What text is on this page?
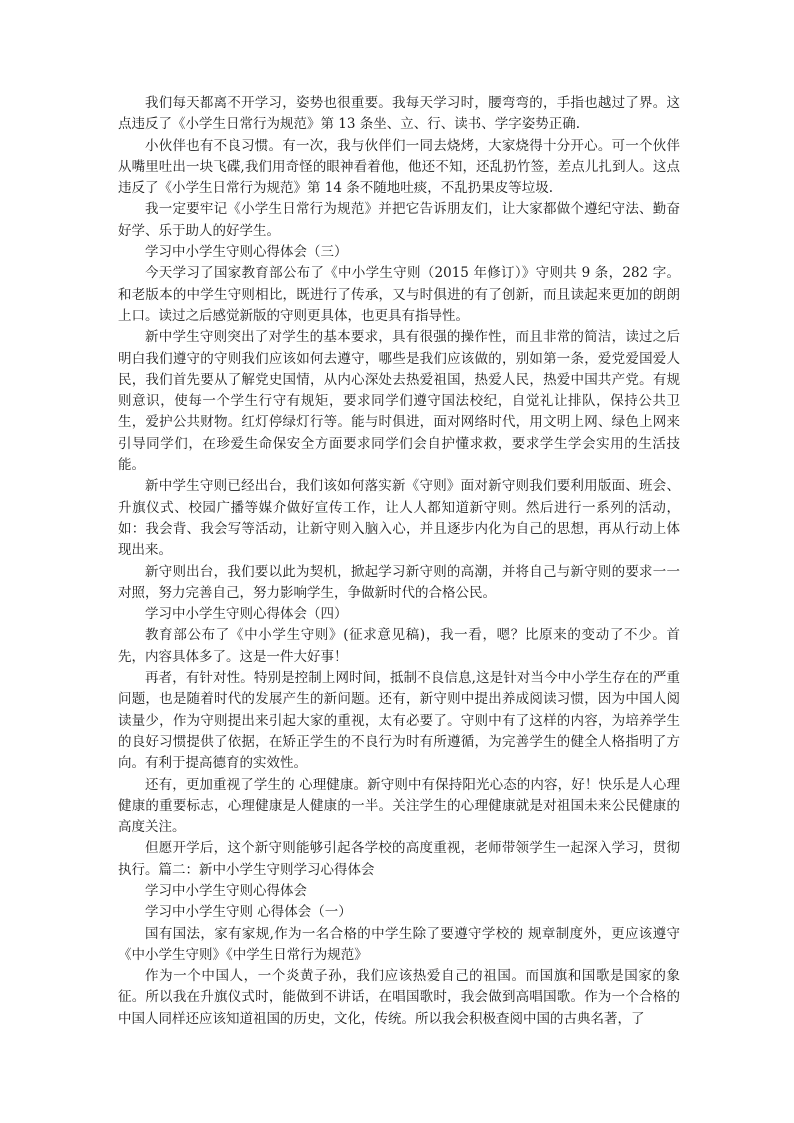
我们每天都离不开学习，姿势也很重要。我每天学习时，腰弯弯的，手指也越过了界。这点违反了《小学生日常行为规范》第 13 条坐、立、行、读书、学字姿势正确.

小伙伴也有不良习惯。有一次，我与伙伴们一同去烧烤，大家烧得十分开心。可一个伙伴从嘴里吐出一块飞碟,我们用奇怪的眼神看着他，他还不知，还乱扔竹签，差点儿扎到人。这点违反了《小学生日常行为规范》第 14 条不随地吐痰，不乱扔果皮等垃圾.

我一定要牢记《小学生日常行为规范》并把它告诉朋友们，让大家都做个遵纪守法、勤奋好学、乐于助人的好学生。

学习中小学生守则心得体会（三）

今天学习了国家教育部公布了《中小学生守则（2015 年修订）》守则共 9 条，282 字。和老版本的中学生守则相比，既进行了传承，又与时俱进的有了创新，而且读起来更加的朗朗上口。读过之后感觉新版的守则更具体，也更具有指导性。

新中学生守则突出了对学生的基本要求，具有很强的操作性，而且非常的简洁，读过之后明白我们遵守的守则我们应该如何去遵守，哪些是我们应该做的，别如第一条，爱党爱国爱人民，我们首先要从了解党史国情，从内心深处去热爱祖国，热爱人民，热爱中国共产党。有规则意识，使每一个学生行守有规矩，要求同学们遵守国法校纪，自觉礼让排队，保持公共卫生，爱护公共财物。红灯停绿灯行等。能与时俱进，面对网络时代，用文明上网、绿色上网来引导同学们，在珍爱生命保安全方面要求同学们会自护懂求救，要求学生学会实用的生活技能。

新中学生守则已经出台，我们该如何落实新《守则》面对新守则我们要利用版面、班会、升旗仪式、校园广播等媒介做好宣传工作，让人人都知道新守则。然后进行一系列的活动，如：我会背、我会写等活动，让新守则入脑入心，并且逐步内化为自己的思想，再从行动上体现出来。

新守则出台，我们要以此为契机，掀起学习新守则的高潮，并将自己与新守则的要求一一对照，努力完善自己，努力影响学生，争做新时代的合格公民。

学习中小学生守则心得体会（四）

教育部公布了《中小学生守则》(征求意见稿)，我一看，嗯？比原来的变动了不少。首先，内容具体多了。这是一件大好事！

再者，有针对性。特别是控制上网时间，抵制不良信息,这是针对当今中小学生存在的严重问题，也是随着时代的发展产生的新问题。还有，新守则中提出养成阅读习惯，因为中国人阅读量少，作为守则提出来引起大家的重视，太有必要了。守则中有了这样的内容，为培养学生的良好习惯提供了依据，在矫正学生的不良行为时有所遵循，为完善学生的健全人格指明了方向。有利于提高德育的实效性。

还有，更加重视了学生的 心理健康。新守则中有保持阳光心态的内容，好！快乐是人心理健康的重要标志，心理健康是人健康的一半。关注学生的心理健康就是对祖国未来公民健康的高度关注。

但愿开学后，这个新守则能够引起各学校的高度重视，老师带领学生一起深入学习，贯彻执行。篇二：新中小学生守则学习心得体会

学习中小学生守则心得体会

学习中小学生守则 心得体会（一）

国有国法，家有家规,作为一名合格的中学生除了要遵守学校的 规章制度外，更应该遵守《中小学生守则》《中学生日常行为规范》

作为一个中国人，一个炎黄子孙，我们应该热爱自己的祖国。而国旗和国歌是国家的象征。所以我在升旗仪式时，能做到不讲话，在唱国歌时，我会做到高唱国歌。作为一个合格的中国人同样还应该知道祖国的历史，文化，传统。所以我会积极查阅中国的古典名著，了
